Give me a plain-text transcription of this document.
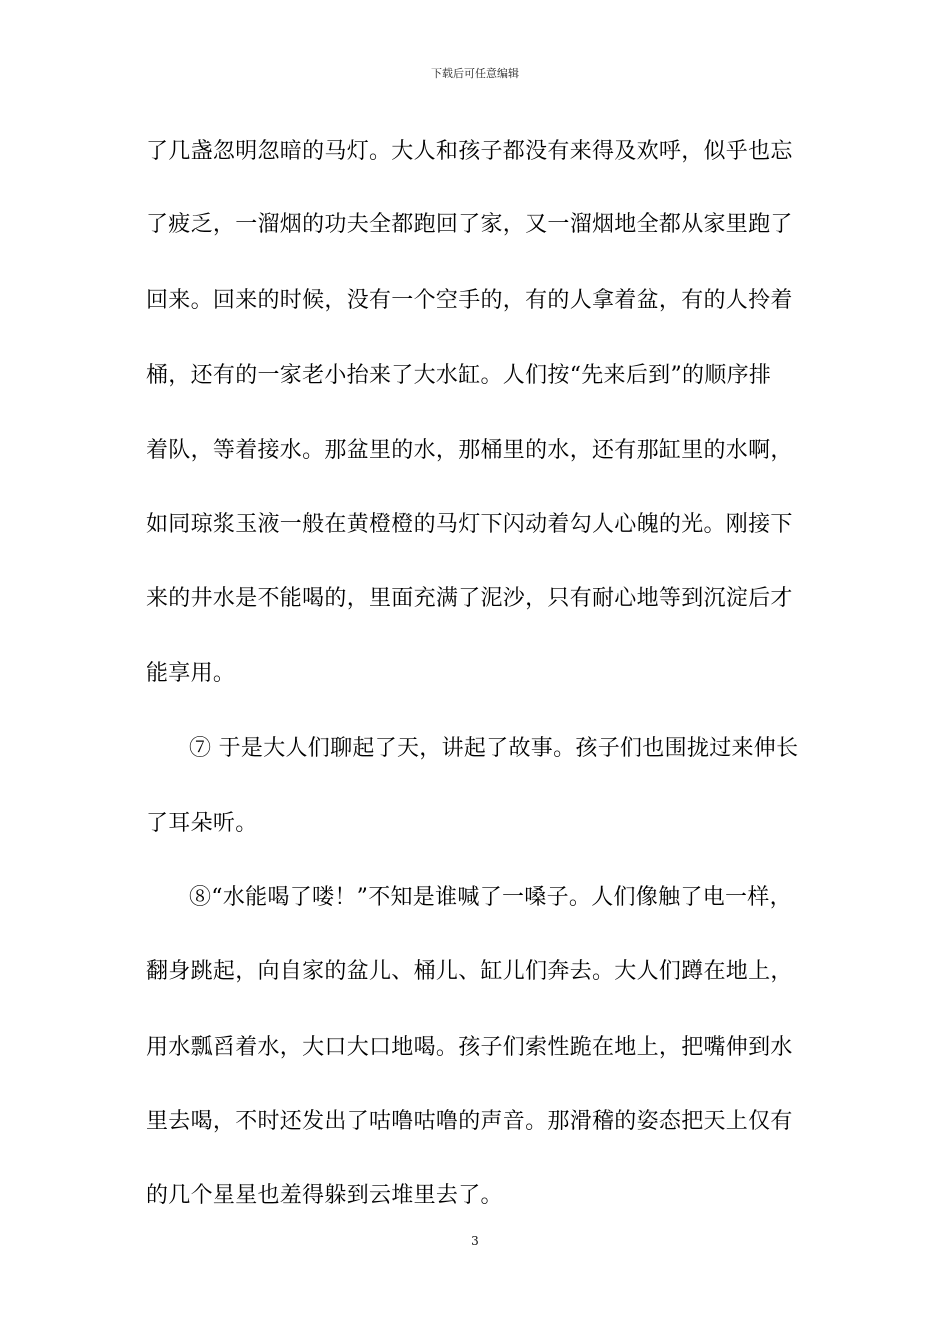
下载后可任意编辑
了几盏忽明忽暗的马灯。大人和孩子都没有来得及欢呼，似乎也忘
了疲乏，一溜烟的功夫全都跑回了家，又一溜烟地全都从家里跑了
回来。回来的时候，没有一个空手的，有的人拿着盆，有的人拎着
桶，还有的一家老小抬来了大水缸。人们按“先来后到”的顺序排
着队，等着接水。那盆里的水，那桶里的水，还有那缸里的水啊，
如同琼浆玉液一般在黄橙橙的马灯下闪动着勾人心魄的光。刚接下
来的井水是不能喝的，里面充满了泥沙，只有耐心地等到沉淀后才
能享用。
⑦ 于是大人们聊起了天，讲起了故事。孩子们也围拢过来伸长
了耳朵听。
⑧“水能喝了喽！”不知是谁喊了一嗓子。人们像触了电一样，
翻身跳起，向自家的盆儿、桶儿、缸儿们奔去。大人们蹲在地上，
用水瓢舀着水，大口大口地喝。孩子们索性跪在地上，把嘴伸到水
里去喝，不时还发出了咕噜咕噜的声音。那滑稽的姿态把天上仅有
的几个星星也羞得躲到云堆里去了。
3
